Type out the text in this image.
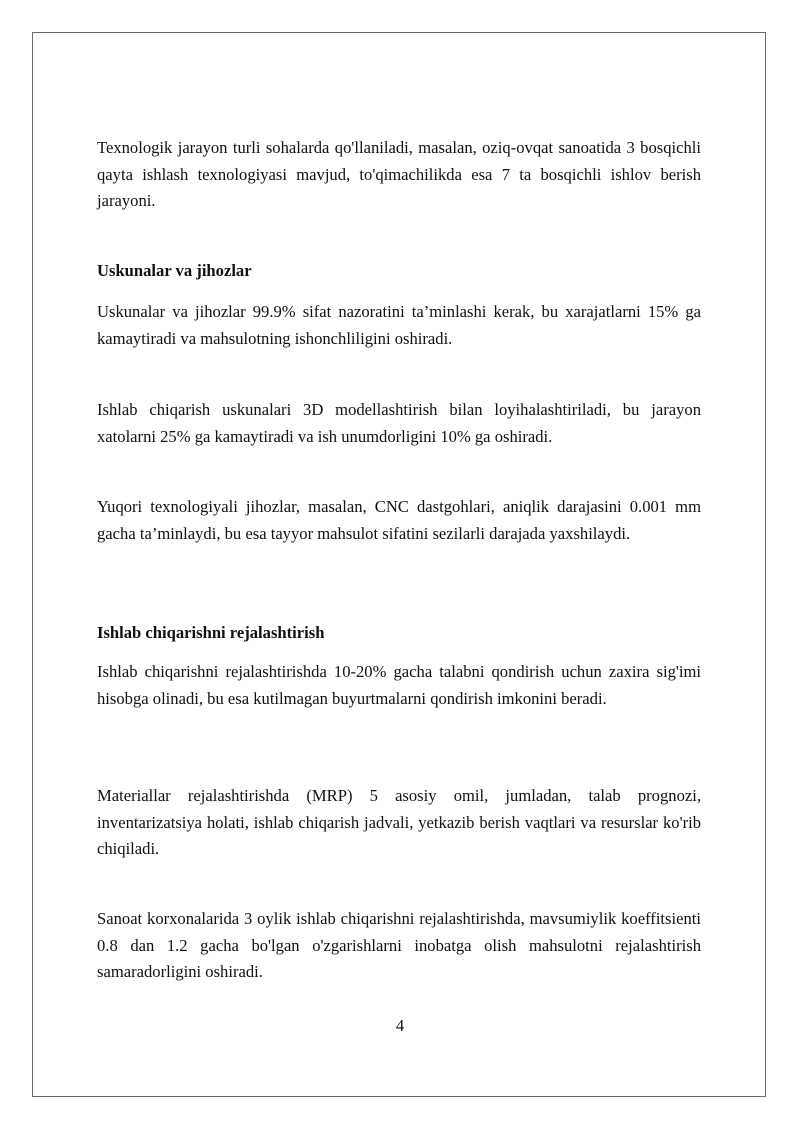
Texnologik jarayon turli sohalarda qo'llaniladi, masalan, oziq-ovqat sanoatida 3 bosqichli qayta ishlash texnologiyasi mavjud, to'qimachilikda esa 7 ta bosqichli ishlov berish jarayoni.

Uskunalar va jihozlar

Uskunalar va jihozlar 99.9% sifat nazoratini ta’minlashi kerak, bu xarajatlarni 15% ga kamaytiradi va mahsulotning ishonchliligini oshiradi.

Ishlab chiqarish uskunalari 3D modellashtirish bilan loyihalashtiriladi, bu jarayon xatolarni 25% ga kamaytiradi va ish unumdorligini 10% ga oshiradi.

Yuqori texnologiyali jihozlar, masalan, CNC dastgohlari, aniqlik darajasini 0.001 mm gacha ta’minlaydi, bu esa tayyor mahsulot sifatini sezilarli darajada yaxshilaydi.

Ishlab chiqarishni rejalashtirish

Ishlab chiqarishni rejalashtirishda 10-20% gacha talabni qondirish uchun zaxira sig'imi hisobga olinadi, bu esa kutilmagan buyurtmalarni qondirish imkonini beradi.

Materiallar rejalashtirishda (MRP) 5 asosiy omil, jumladan, talab prognozi, inventarizatsiya holati, ishlab chiqarish jadvali, yetkazib berish vaqtlari va resurslar ko'rib chiqiladi.

Sanoat korxonalarida 3 oylik ishlab chiqarishni rejalashtirishda, mavsumiylik koeffitsienti 0.8 dan 1.2 gacha bo'lgan o'zgarishlarni inobatga olish mahsulotni rejalashtirish samaradorligini oshiradi.

4
